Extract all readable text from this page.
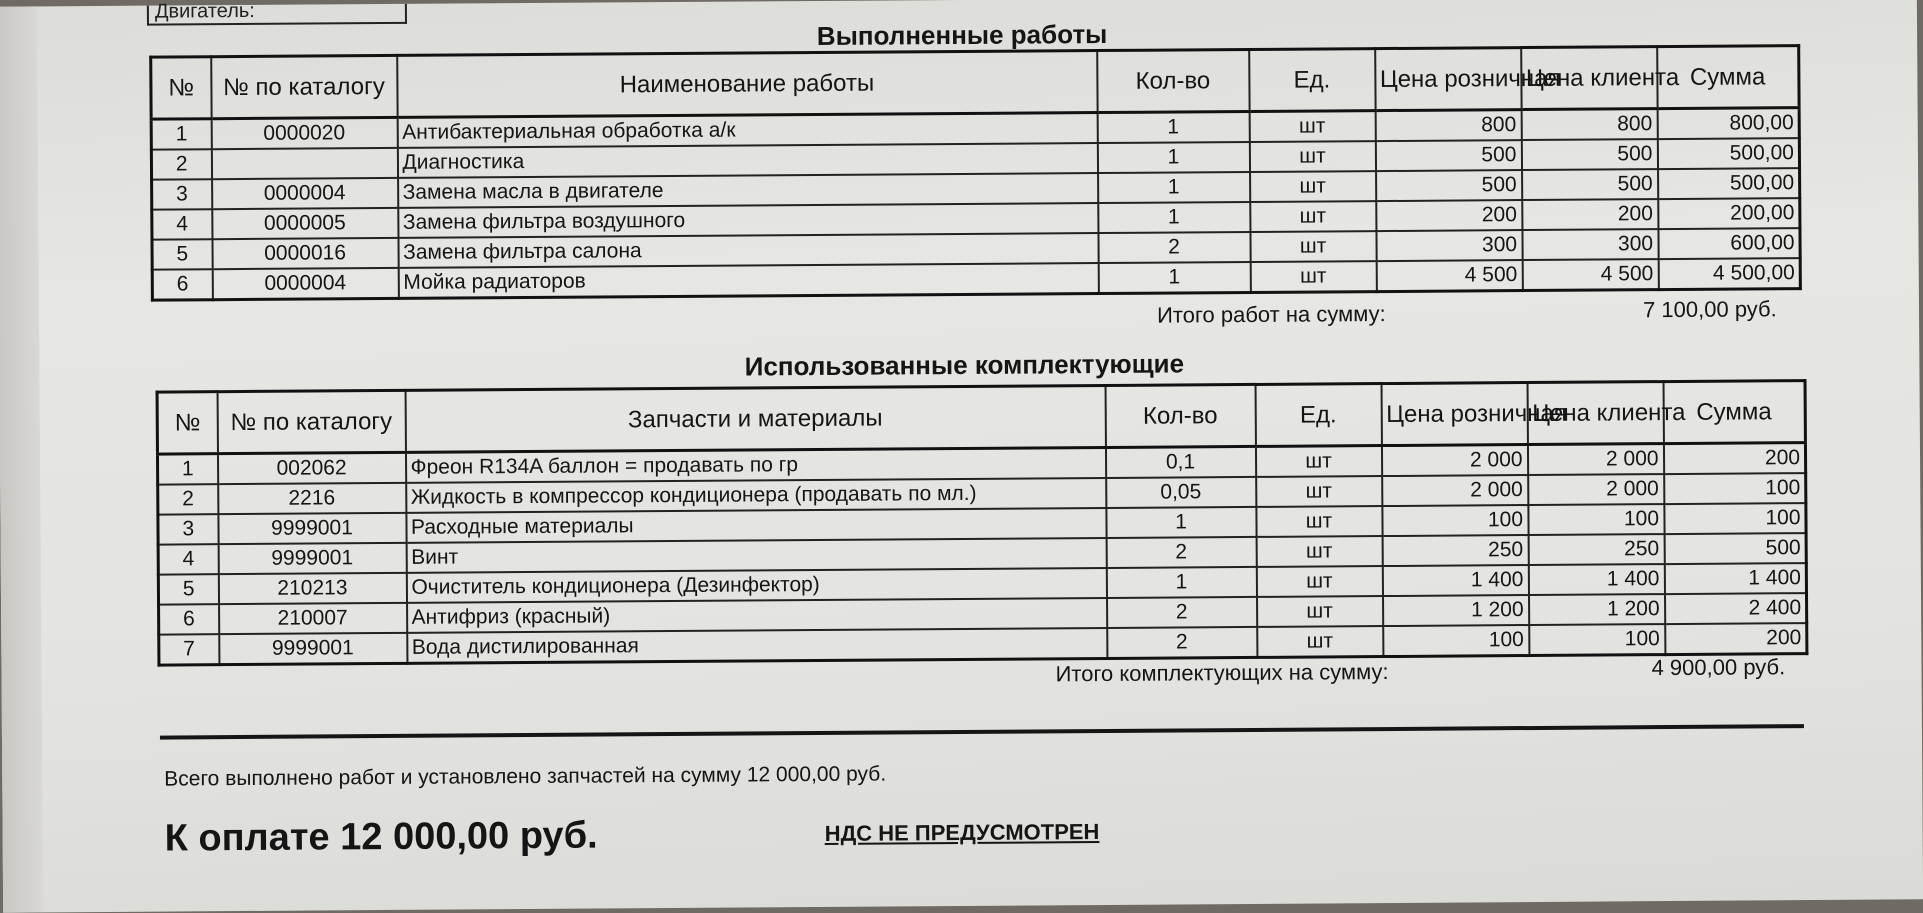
Двигатель:
Выполненные работы
№	№ по каталогу	Наименование работы	Кол-во	Ед.	Цена розничная	Цена клиента	Сумма
1	0000020	Антибактериальная обработка а/к	1	шт	800	800	800,00
2		Диагностика	1	шт	500	500	500,00
3	0000004	Замена масла в двигателе	1	шт	500	500	500,00
4	0000005	Замена фильтра воздушного	1	шт	200	200	200,00
5	0000016	Замена фильтра салона	2	шт	300	300	600,00
6	0000004	Мойка радиаторов	1	шт	4 500	4 500	4 500,00
Итого работ на сумму:	7 100,00 руб.
Использованные комплектующие
№	№ по каталогу	Запчасти и материалы	Кол-во	Ед.	Цена розничная	Цена клиента	Сумма
1	002062	Фреон R134A баллон = продавать по гр	0,1	шт	2 000	2 000	200
2	2216	Жидкость в компрессор кондиционера (продавать по мл.)	0,05	шт	2 000	2 000	100
3	9999001	Расходные материалы	1	шт	100	100	100
4	9999001	Винт	2	шт	250	250	500
5	210213	Очиститель кондиционера (Дезинфектор)	1	шт	1 400	1 400	1 400
6	210007	Антифриз (красный)	2	шт	1 200	1 200	2 400
7	9999001	Вода дистилированная	2	шт	100	100	200
Итого комплектующих на сумму:	4 900,00 руб.
Всего выполнено работ и установлено запчастей на сумму 12 000,00 руб.
К оплате 12 000,00 руб.	НДС НЕ ПРЕДУСМОТРЕН
